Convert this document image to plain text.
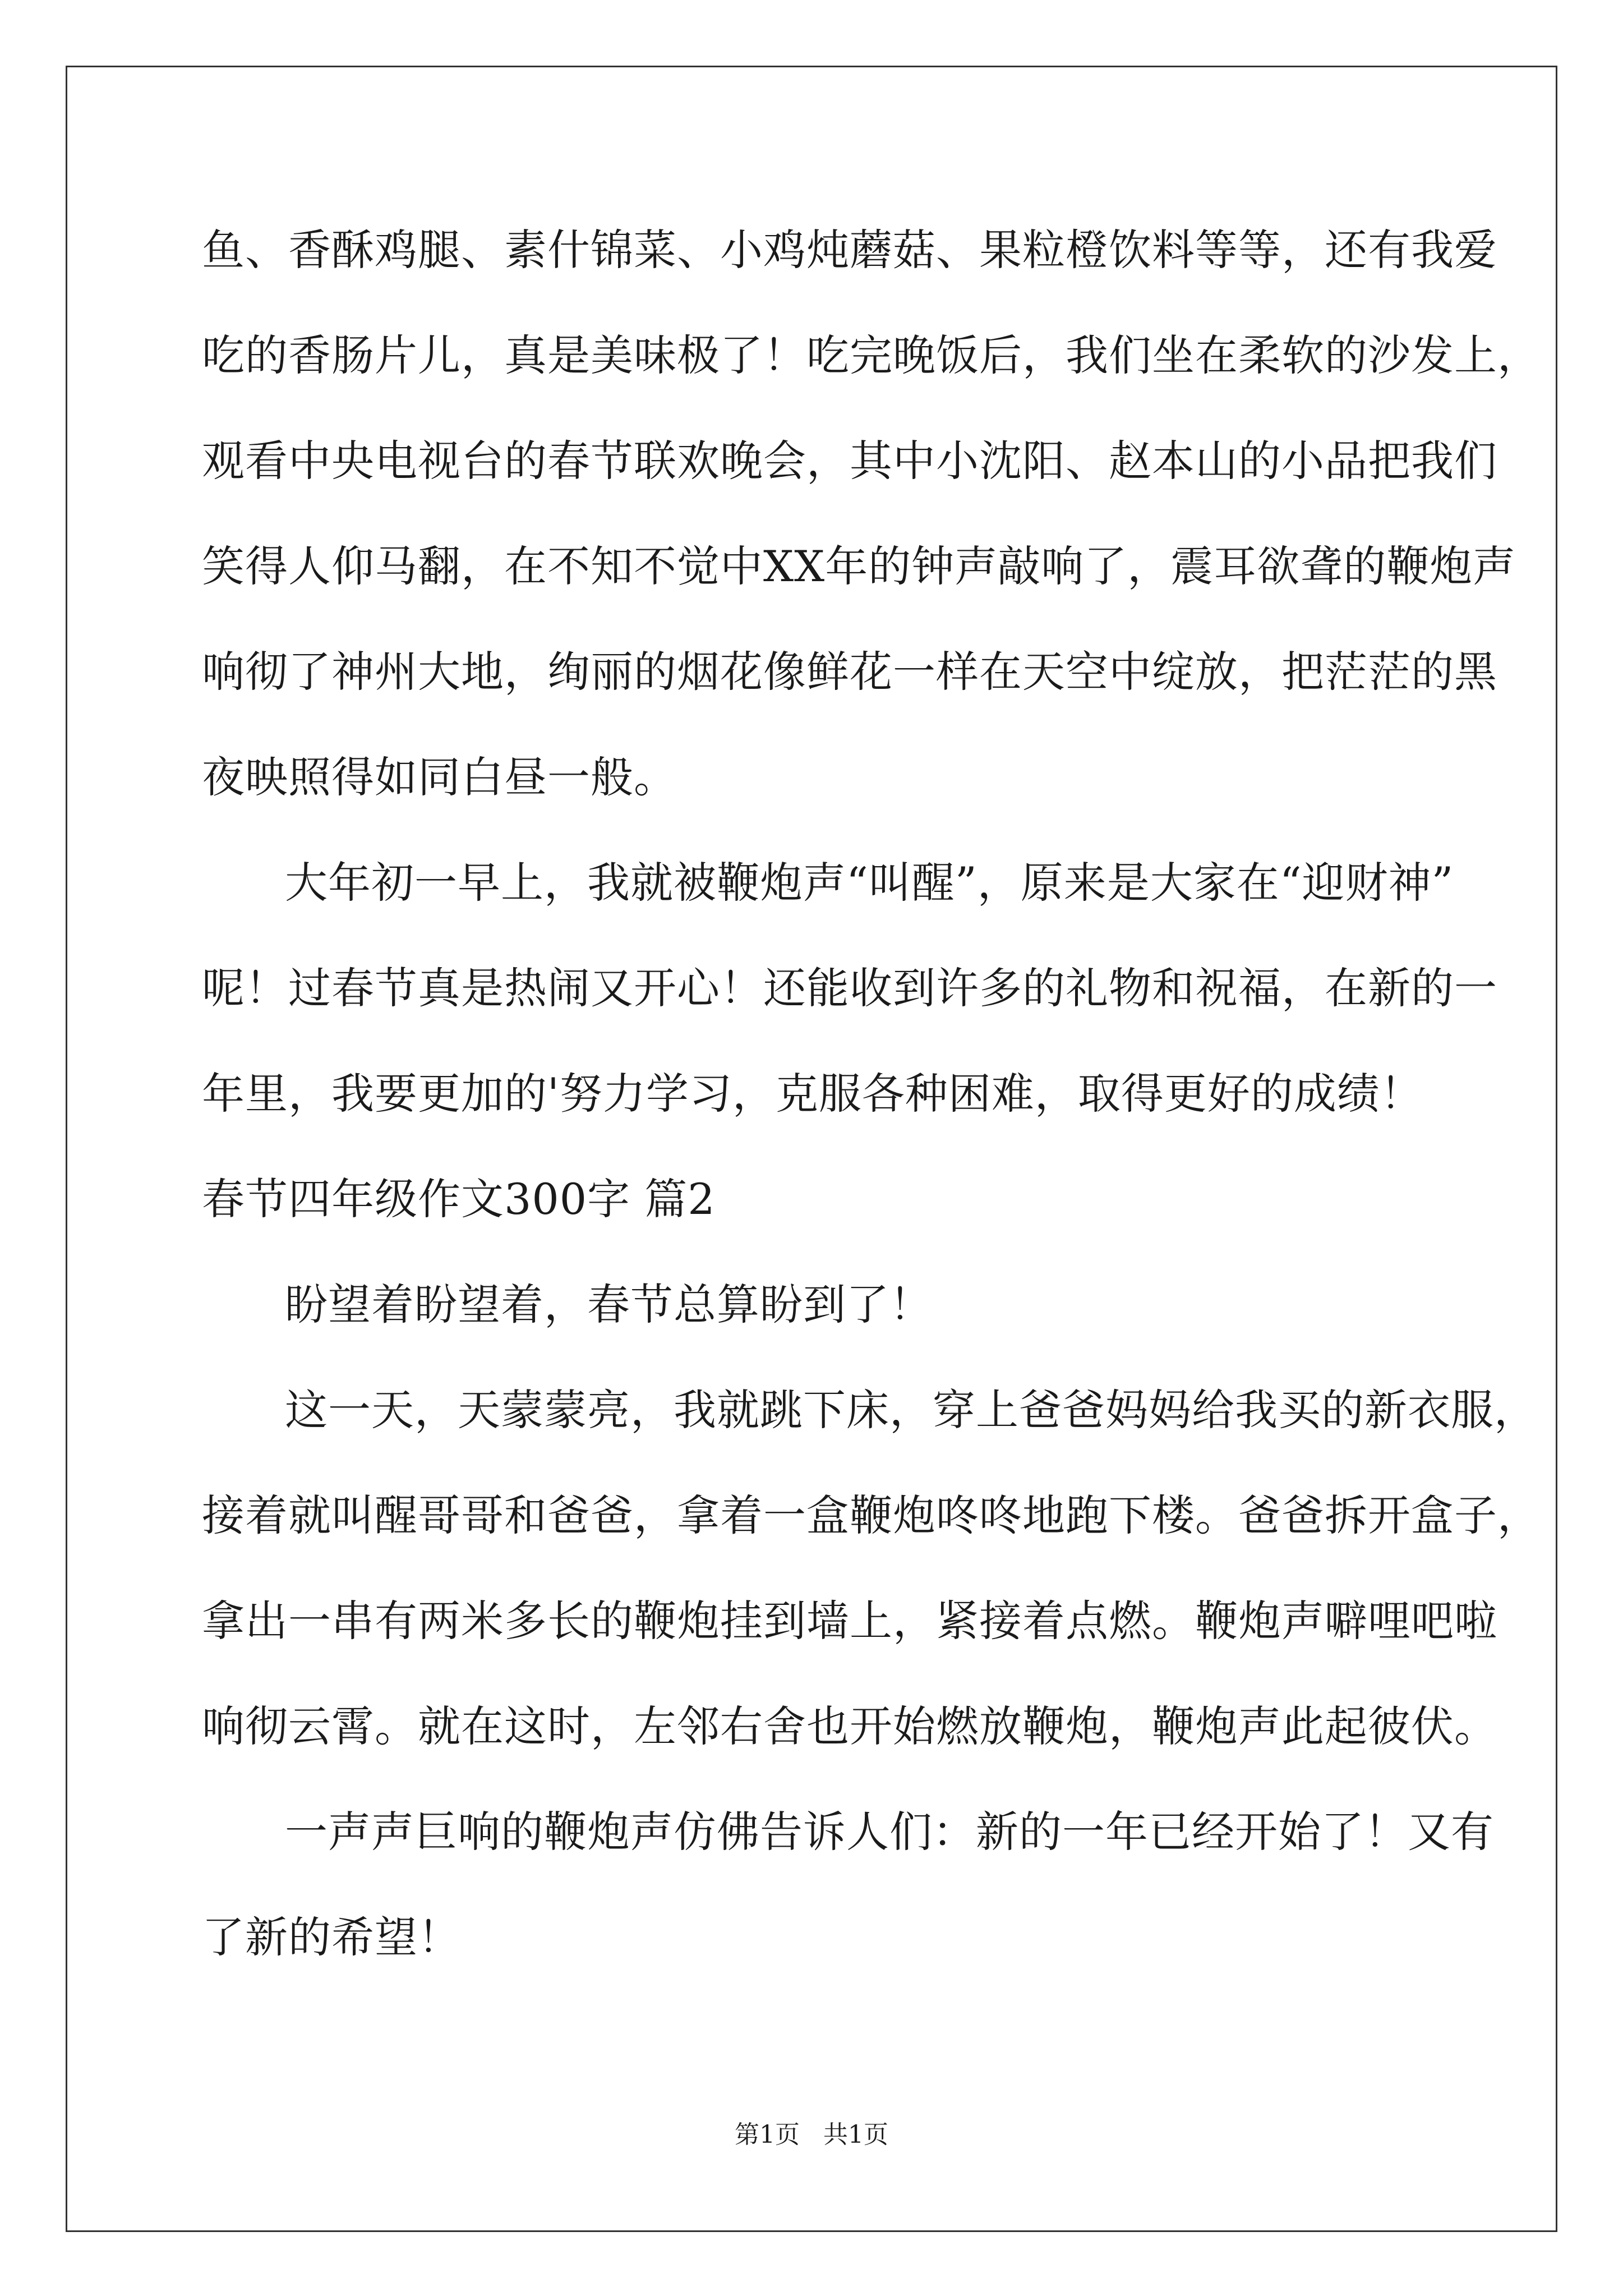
鱼、香酥鸡腿、素什锦菜、小鸡炖蘑菇、果粒橙饮料等等，还有我爱
吃的香肠片儿，真是美味极了！吃完晚饭后，我们坐在柔软的沙发上，
观看中央电视台的春节联欢晚会，其中小沈阳、赵本山的小品把我们
笑得人仰马翻，在不知不觉中XX年的钟声敲响了，震耳欲聋的鞭炮声
响彻了神州大地，绚丽的烟花像鲜花一样在天空中绽放，把茫茫的黑
夜映照得如同白昼一般。
大年初一早上，我就被鞭炮声“叫醒”，原来是大家在“迎财神”
呢！过春节真是热闹又开心！还能收到许多的礼物和祝福，在新的一
年里，我要更加的'努力学习，克服各种困难，取得更好的成绩！
春节四年级作文300字 篇2
盼望着盼望着，春节总算盼到了！
这一天，天蒙蒙亮，我就跳下床，穿上爸爸妈妈给我买的新衣服，
接着就叫醒哥哥和爸爸，拿着一盒鞭炮咚咚地跑下楼。爸爸拆开盒子，
拿出一串有两米多长的鞭炮挂到墙上，紧接着点燃。鞭炮声噼哩吧啦
响彻云霄。就在这时，左邻右舍也开始燃放鞭炮，鞭炮声此起彼伏。
一声声巨响的鞭炮声仿佛告诉人们：新的一年已经开始了！又有
了新的希望！
第1页   共1页
